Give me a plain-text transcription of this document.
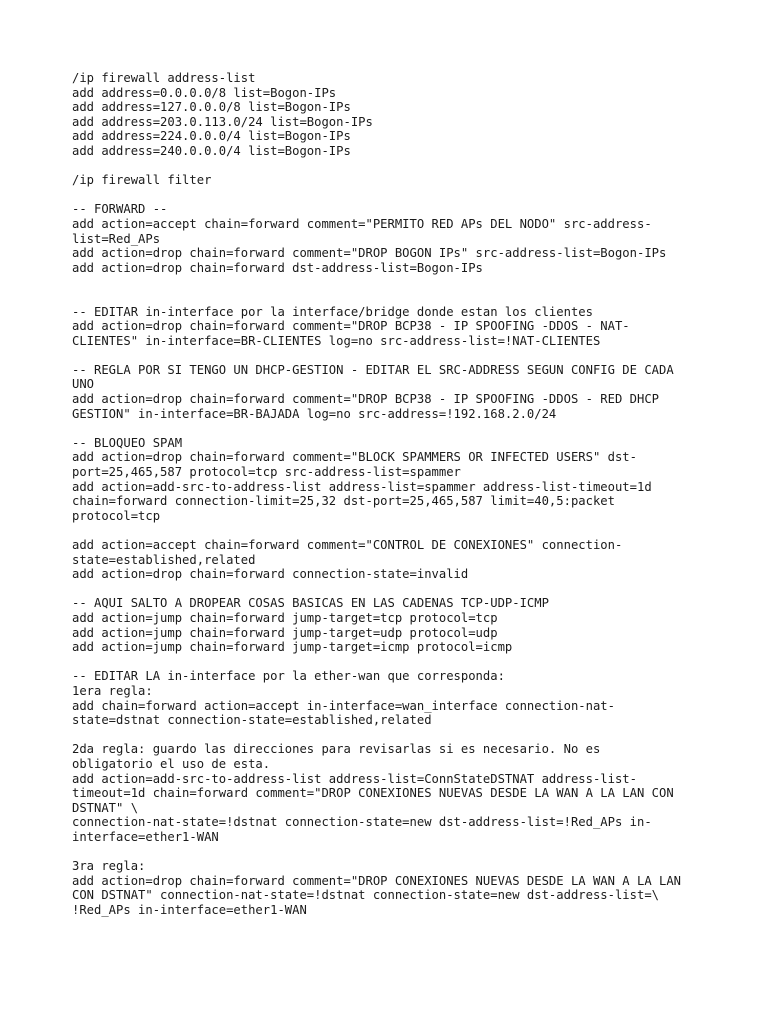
/ip firewall address-list
add address=0.0.0.0/8 list=Bogon-IPs
add address=127.0.0.0/8 list=Bogon-IPs
add address=203.0.113.0/24 list=Bogon-IPs
add address=224.0.0.0/4 list=Bogon-IPs
add address=240.0.0.0/4 list=Bogon-IPs
/ip firewall filter
-- FORWARD --
add action=accept chain=forward comment="PERMITO RED APs DEL NODO" src-address-
list=Red_APs
add action=drop chain=forward comment="DROP BOGON IPs" src-address-list=Bogon-IPs
add action=drop chain=forward dst-address-list=Bogon-IPs
-- EDITAR in-interface por la interface/bridge donde estan los clientes
add action=drop chain=forward comment="DROP BCP38 - IP SPOOFING -DDOS - NAT-
CLIENTES" in-interface=BR-CLIENTES log=no src-address-list=!NAT-CLIENTES
-- REGLA POR SI TENGO UN DHCP-GESTION - EDITAR EL SRC-ADDRESS SEGUN CONFIG DE CADA
UNO
add action=drop chain=forward comment="DROP BCP38 - IP SPOOFING -DDOS - RED DHCP
GESTION" in-interface=BR-BAJADA log=no src-address=!192.168.2.0/24
-- BLOQUEO SPAM
add action=drop chain=forward comment="BLOCK SPAMMERS OR INFECTED USERS" dst-
port=25,465,587 protocol=tcp src-address-list=spammer
add action=add-src-to-address-list address-list=spammer address-list-timeout=1d
chain=forward connection-limit=25,32 dst-port=25,465,587 limit=40,5:packet
protocol=tcp
add action=accept chain=forward comment="CONTROL DE CONEXIONES" connection-
state=established,related
add action=drop chain=forward connection-state=invalid
-- AQUI SALTO A DROPEAR COSAS BASICAS EN LAS CADENAS TCP-UDP-ICMP
add action=jump chain=forward jump-target=tcp protocol=tcp
add action=jump chain=forward jump-target=udp protocol=udp
add action=jump chain=forward jump-target=icmp protocol=icmp
-- EDITAR LA in-interface por la ether-wan que corresponda:
1era regla:
add chain=forward action=accept in-interface=wan_interface connection-nat-
state=dstnat connection-state=established,related
2da regla: guardo las direcciones para revisarlas si es necesario. No es
obligatorio el uso de esta.
add action=add-src-to-address-list address-list=ConnStateDSTNAT address-list-
timeout=1d chain=forward comment="DROP CONEXIONES NUEVAS DESDE LA WAN A LA LAN CON
DSTNAT" \
connection-nat-state=!dstnat connection-state=new dst-address-list=!Red_APs in-
interface=ether1-WAN
3ra regla:
add action=drop chain=forward comment="DROP CONEXIONES NUEVAS DESDE LA WAN A LA LAN
CON DSTNAT" connection-nat-state=!dstnat connection-state=new dst-address-list=\
!Red_APs in-interface=ether1-WAN
